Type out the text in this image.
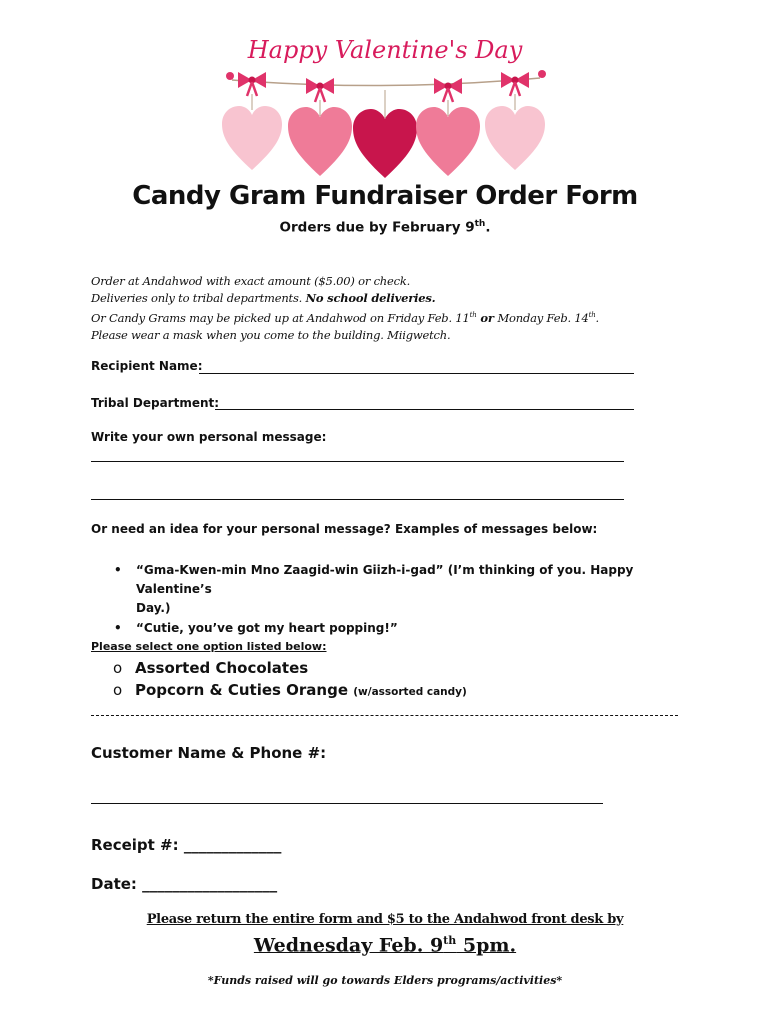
Happy Valentine's Day
Candy Gram Fundraiser Order Form
Orders due by February 9th.
Order at Andahwod with exact amount ($5.00) or check.
Deliveries only to tribal departments. No school deliveries.
Or Candy Grams may be picked up at Andahwod on Friday Feb. 11th or Monday Feb. 14th.
Please wear a mask when you come to the building. Miigwetch.
Recipient Name:
Tribal Department:
Write your own personal message:
Or need an idea for your personal message? Examples of messages below:
• “Gma-Kwen-min Mno Zaagid-win Giizh-i-gad” (I’m thinking of you. Happy Valentine’s
Day.)
• “Cutie, you’ve got my heart popping!”
Please select one option listed below:
o Assorted Chocolates
o Popcorn & Cuties Orange (w/assorted candy)
Customer Name & Phone #:
Receipt #: _____________
Date: __________________
Please return the entire form and $5 to the Andahwod front desk by
Wednesday Feb. 9th 5pm.
*Funds raised will go towards Elders programs/activities*
